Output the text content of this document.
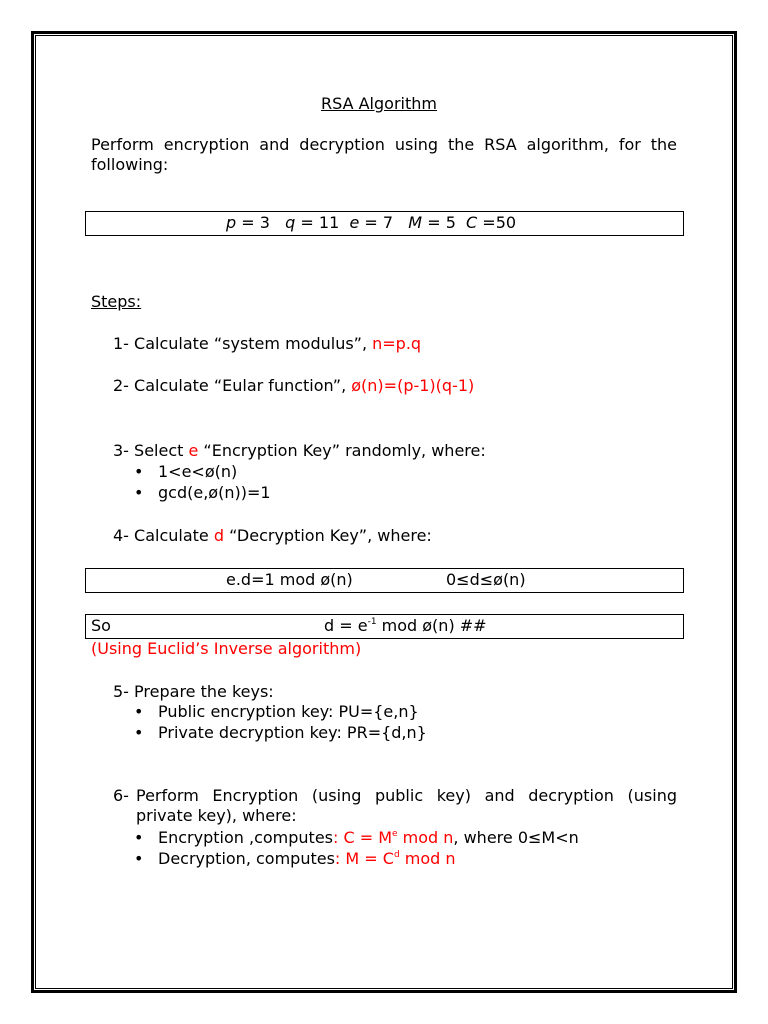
RSA Algorithm
Perform encryption and decryption using the RSA algorithm, for the following:
p = 3   q = 11  e = 7   M = 5  C =50
Steps:
1- Calculate “system modulus”, n=p.q
2- Calculate “Eular function”, ø(n)=(p-1)(q-1)
3- Select e “Encryption Key” randomly, where:
• 1<e<ø(n)
• gcd(e,ø(n))=1
4- Calculate d “Decryption Key”, where:
e.d=1 mod ø(n)	0≤d≤ø(n)
So	$d = e^{-1}$ mod ø(n) ##
(Using Euclid’s Inverse algorithm)
5- Prepare the keys:
• Public encryption key: PU={e,n}
• Private decryption key: PR={d,n}
6- Perform Encryption (using public key) and decryption (using private key), where:
• Encryption ,computes: $C = M^e$ mod n, where 0≤M<n
• Decryption, computes: $M = C^d$ mod n
